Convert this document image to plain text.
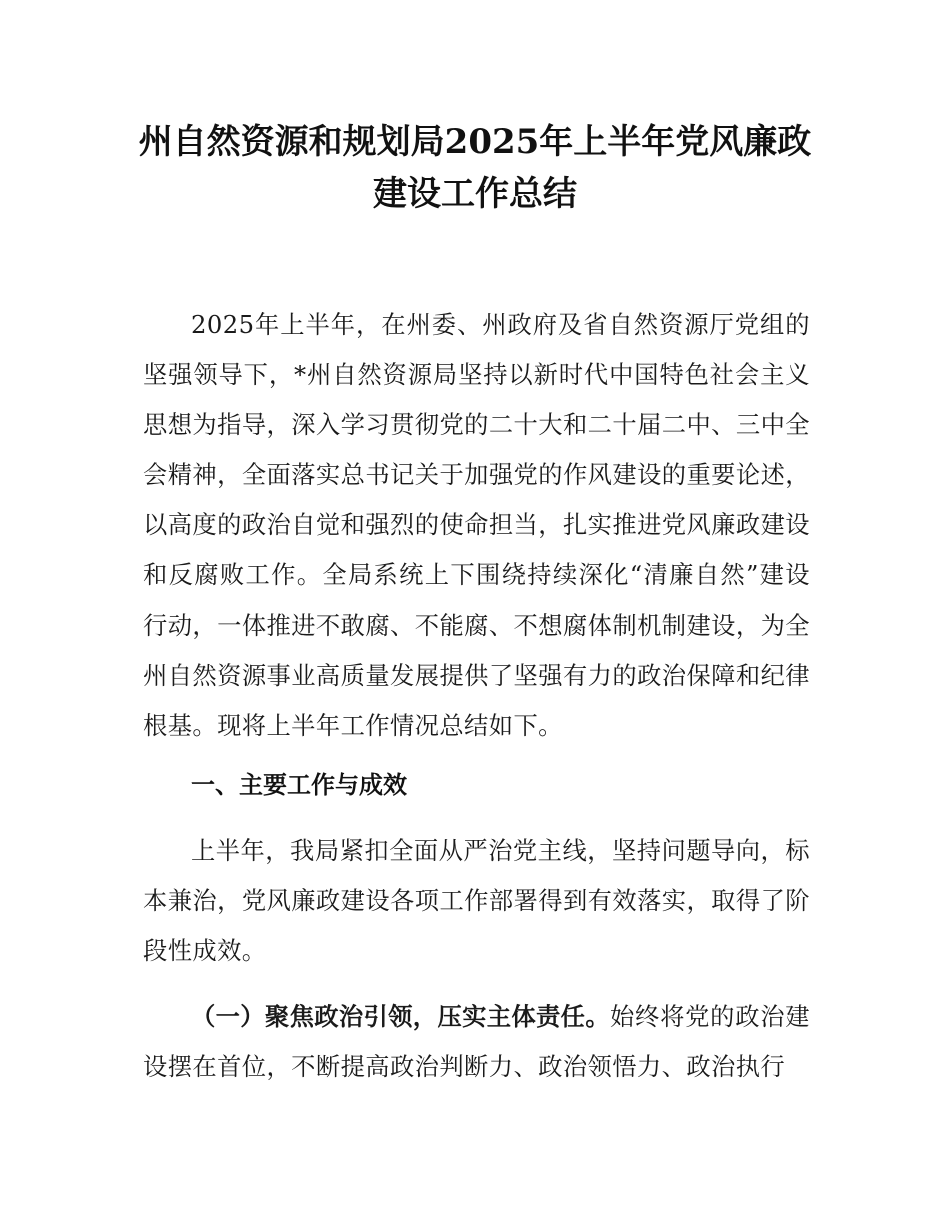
州自然资源和规划局2025年上半年党风廉政
建设工作总结

2025年上半年，在州委、州政府及省自然资源厅党组的坚强领导下，*州自然资源局坚持以新时代中国特色社会主义思想为指导，深入学习贯彻党的二十大和二十届二中、三中全会精神，全面落实总书记关于加强党的作风建设的重要论述，以高度的政治自觉和强烈的使命担当，扎实推进党风廉政建设和反腐败工作。全局系统上下围绕持续深化“清廉自然”建设行动，一体推进不敢腐、不能腐、不想腐体制机制建设，为全州自然资源事业高质量发展提供了坚强有力的政治保障和纪律根基。现将上半年工作情况总结如下。

一、主要工作与成效

上半年，我局紧扣全面从严治党主线，坚持问题导向，标本兼治，党风廉政建设各项工作部署得到有效落实，取得了阶段性成效。

（一）聚焦政治引领，压实主体责任。始终将党的政治建设摆在首位，不断提高政治判断力、政治领悟力、政治执行
